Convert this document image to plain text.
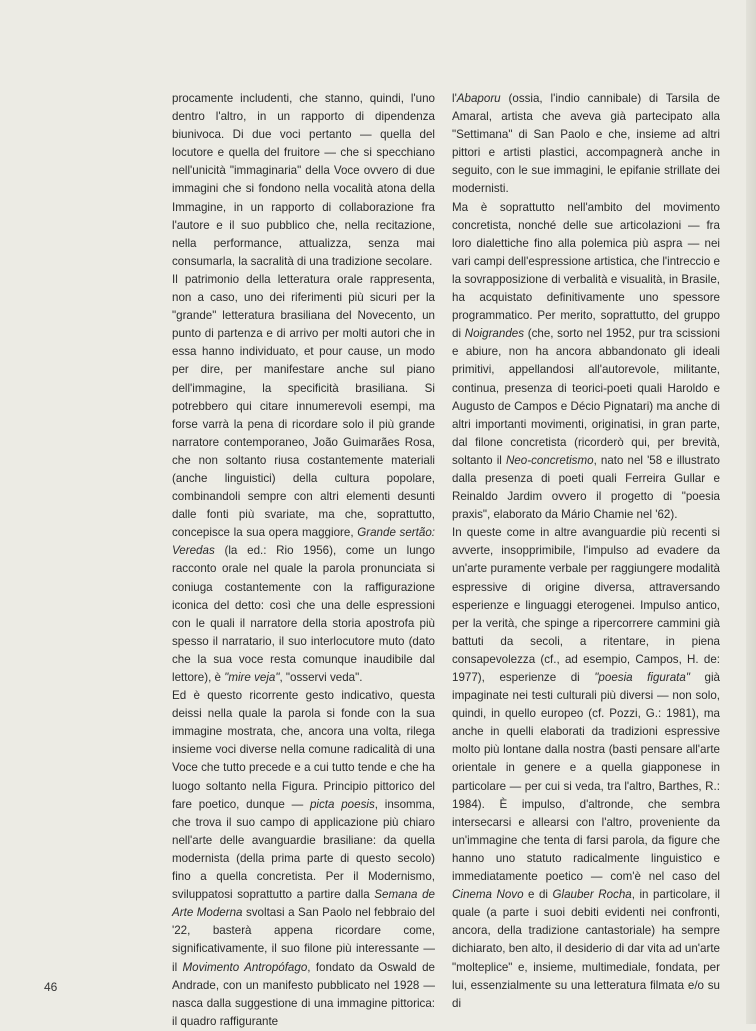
procamente includenti, che stanno, quindi, l'uno dentro l'altro, in un rapporto di dipendenza biunivoca. Di due voci pertanto — quella del locutore e quella del fruitore — che si specchiano nell'unicità "immaginaria" della Voce ovvero di due immagini che si fondono nella vocalità atona della Immagine, in un rapporto di collaborazione fra l'autore e il suo pubblico che, nella recitazione, nella performance, attualizza, senza mai consumarla, la sacralità di una tradizione secolare.

Il patrimonio della letteratura orale rappresenta, non a caso, uno dei riferimenti più sicuri per la "grande" letteratura brasiliana del Novecento, un punto di partenza e di arrivo per molti autori che in essa hanno individuato, et pour cause, un modo per dire, per manifestare anche sul piano dell'immagine, la specificità brasiliana. Si potrebbero qui citare innumerevoli esempi, ma forse varrà la pena di ricordare solo il più grande narratore contemporaneo, João Guimarães Rosa, che non soltanto riusa costantemente materiali (anche linguistici) della cultura popolare, combinandoli sempre con altri elementi desunti dalle fonti più svariate, ma che, soprattutto, concepisce la sua opera maggiore, Grande sertão: Veredas (la ed.: Rio 1956), come un lungo racconto orale nel quale la parola pronunciata si coniuga costantemente con la raffigurazione iconica del detto: così che una delle espressioni con le quali il narratore della storia apostrofa più spesso il narratario, il suo interlocutore muto (dato che la sua voce resta comunque inaudibile dal lettore), è "mire veja", "osservi veda".

Ed è questo ricorrente gesto indicativo, questa deissi nella quale la parola si fonde con la sua immagine mostrata, che, ancora una volta, rilega insieme voci diverse nella comune radicalità di una Voce che tutto precede e a cui tutto tende e che ha luogo soltanto nella Figura. Principio pittorico del fare poetico, dunque — picta poesis, insomma, che trova il suo campo di applicazione più chiaro nell'arte delle avanguardie brasiliane: da quella modernista (della prima parte di questo secolo) fino a quella concretista. Per il Modernismo, sviluppatosi soprattutto a partire dalla Semana de Arte Moderna svoltasi a San Paolo nel febbraio del '22, basterà appena ricordare come, significativamente, il suo filone più interessante — il Movimento Antropófago, fondato da Oswald de Andrade, con un manifesto pubblicato nel 1928 — nasca dalla suggestione di una immagine pittorica: il quadro raffigurante

l'Abaporu (ossia, l'indio cannibale) di Tarsila de Amaral, artista che aveva già partecipato alla "Settimana" di San Paolo e che, insieme ad altri pittori e artisti plastici, accompagnerà anche in seguito, con le sue immagini, le epifanie strillate dei modernisti.

Ma è soprattutto nell'ambito del movimento concretista, nonché delle sue articolazioni — fra loro dialettiche fino alla polemica più aspra — nei vari campi dell'espressione artistica, che l'intreccio e la sovrapposizione di verbalità e visualità, in Brasile, ha acquistato definitivamente uno spessore programmatico. Per merito, soprattutto, del gruppo di Noigrandes (che, sorto nel 1952, pur tra scissioni e abiure, non ha ancora abbandonato gli ideali primitivi, appellandosi all'autorevole, militante, continua, presenza di teorici-poeti quali Haroldo e Augusto de Campos e Décio Pignatari) ma anche di altri importanti movimenti, originatisi, in gran parte, dal filone concretista (ricorderò qui, per brevità, soltanto il Neo-concretismo, nato nel '58 e illustrato dalla presenza di poeti quali Ferreira Gullar e Reinaldo Jardim ovvero il progetto di "poesia praxis", elaborato da Mário Chamie nel '62).

In queste come in altre avanguardie più recenti si avverte, insopprimibile, l'impulso ad evadere da un'arte puramente verbale per raggiungere modalità espressive di origine diversa, attraversando esperienze e linguaggi eterogenei. Impulso antico, per la verità, che spinge a ripercorrere cammini già battuti da secoli, a ritentare, in piena consapevolezza (cf., ad esempio, Campos, H. de: 1977), esperienze di "poesia figurata" già impaginate nei testi culturali più diversi — non solo, quindi, in quello europeo (cf. Pozzi, G.: 1981), ma anche in quelli elaborati da tradizioni espressive molto più lontane dalla nostra (basti pensare all'arte orientale in genere e a quella giapponese in particolare — per cui si veda, tra l'altro, Barthes, R.: 1984). È impulso, d'altronde, che sembra intersecarsi e allearsi con l'altro, proveniente da un'immagine che tenta di farsi parola, da figure che hanno uno statuto radicalmente linguistico e immediatamente poetico — com'è nel caso del Cinema Novo e di Glauber Rocha, in particolare, il quale (a parte i suoi debiti evidenti nei confronti, ancora, della tradizione cantastoriale) ha sempre dichiarato, ben alto, il desiderio di dar vita ad un'arte "molteplice" e, insieme, multimediale, fondata, per lui, essenzialmente su una letteratura filmata e/o su di

46
